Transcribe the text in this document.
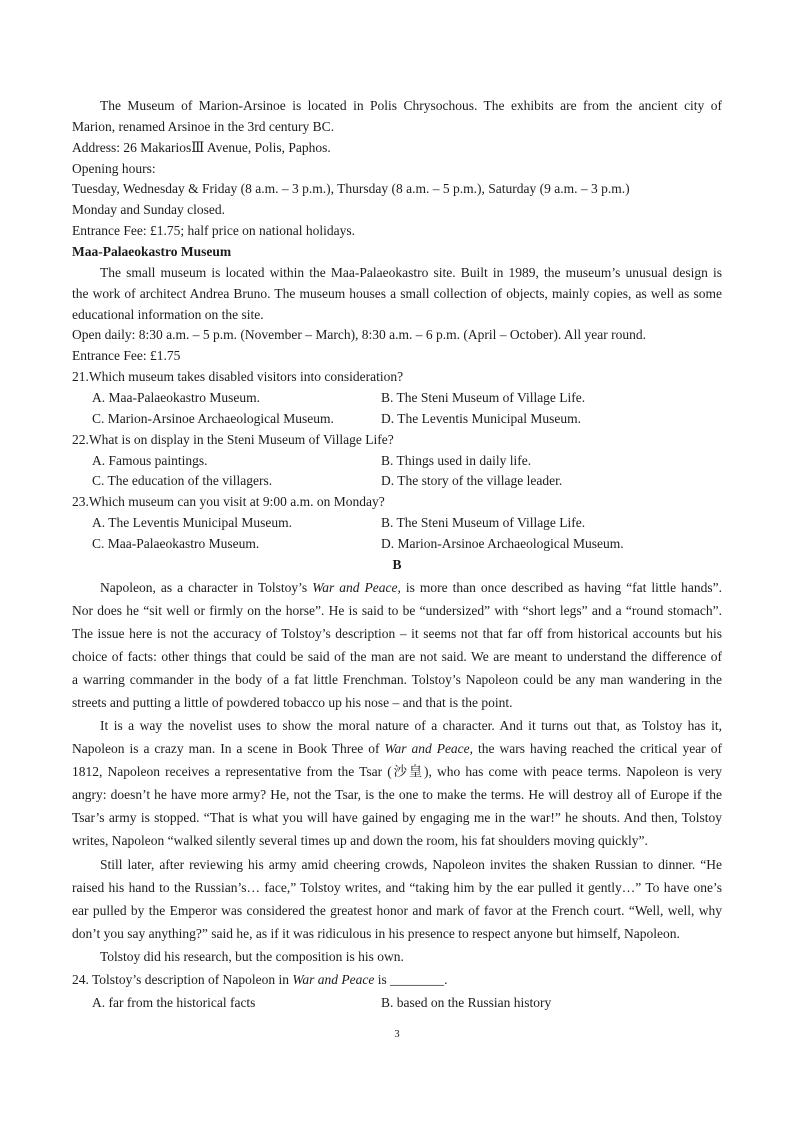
The Museum of Marion-Arsinoe is located in Polis Chrysochous. The exhibits are from the ancient city of
Marion, renamed Arsinoe in the 3rd century BC.
Address: 26 MakariosⅢ Avenue, Polis, Paphos.
Opening hours:
Tuesday, Wednesday & Friday (8 a.m. – 3 p.m.), Thursday (8 a.m. – 5 p.m.), Saturday (9 a.m. – 3 p.m.)
Monday and Sunday closed.
Entrance Fee: £1.75; half price on national holidays.
Maa-Palaeokastro Museum
The small museum is located within the Maa-Palaeokastro site. Built in 1989, the museum’s unusual design is
the work of architect Andrea Bruno. The museum houses a small collection of objects, mainly copies, as well as some
educational information on the site.
Open daily: 8:30 a.m. – 5 p.m. (November – March), 8:30 a.m. – 6 p.m. (April – October). All year round.
Entrance Fee: £1.75
21.Which museum takes disabled visitors into consideration?
A. Maa-Palaeokastro Museum.	B. The Steni Museum of Village Life.
C. Marion-Arsinoe Archaeological Museum.	D. The Leventis Municipal Museum.
22.What is on display in the Steni Museum of Village Life?
A. Famous paintings.	B. Things used in daily life.
C. The education of the villagers.	D. The story of the village leader.
23.Which museum can you visit at 9:00 a.m. on Monday?
A. The Leventis Municipal Museum.	B. The Steni Museum of Village Life.
C. Maa-Palaeokastro Museum.	D. Marion-Arsinoe Archaeological Museum.
B
Napoleon, as a character in Tolstoy’s War and Peace, is more than once described as having “fat little hands”.
Nor does he “sit well or firmly on the horse”. He is said to be “undersized” with “short legs” and a “round stomach”.
The issue here is not the accuracy of Tolstoy’s description – it seems not that far off from historical accounts but his
choice of facts: other things that could be said of the man are not said. We are meant to understand the difference of
a warring commander in the body of a fat little Frenchman. Tolstoy’s Napoleon could be any man wandering in the
streets and putting a little of powdered tobacco up his nose – and that is the point.
It is a way the novelist uses to show the moral nature of a character. And it turns out that, as Tolstoy has it,
Napoleon is a crazy man. In a scene in Book Three of War and Peace, the wars having reached the critical year of
1812, Napoleon receives a representative from the Tsar (沙皇), who has come with peace terms. Napoleon is very
angry: doesn’t he have more army? He, not the Tsar, is the one to make the terms. He will destroy all of Europe if the
Tsar’s army is stopped. “That is what you will have gained by engaging me in the war!” he shouts. And then, Tolstoy
writes, Napoleon “walked silently several times up and down the room, his fat shoulders moving quickly”.
Still later, after reviewing his army amid cheering crowds, Napoleon invites the shaken Russian to dinner. “He
raised his hand to the Russian’s… face,” Tolstoy writes, and “taking him by the ear pulled it gently…” To have one’s
ear pulled by the Emperor was considered the greatest honor and mark of favor at the French court. “Well, well, why
don’t you say anything?” said he, as if it was ridiculous in his presence to respect anyone but himself, Napoleon.
Tolstoy did his research, but the composition is his own.
24. Tolstoy’s description of Napoleon in War and Peace is ________.
A. far from the historical facts	B. based on the Russian history
3
